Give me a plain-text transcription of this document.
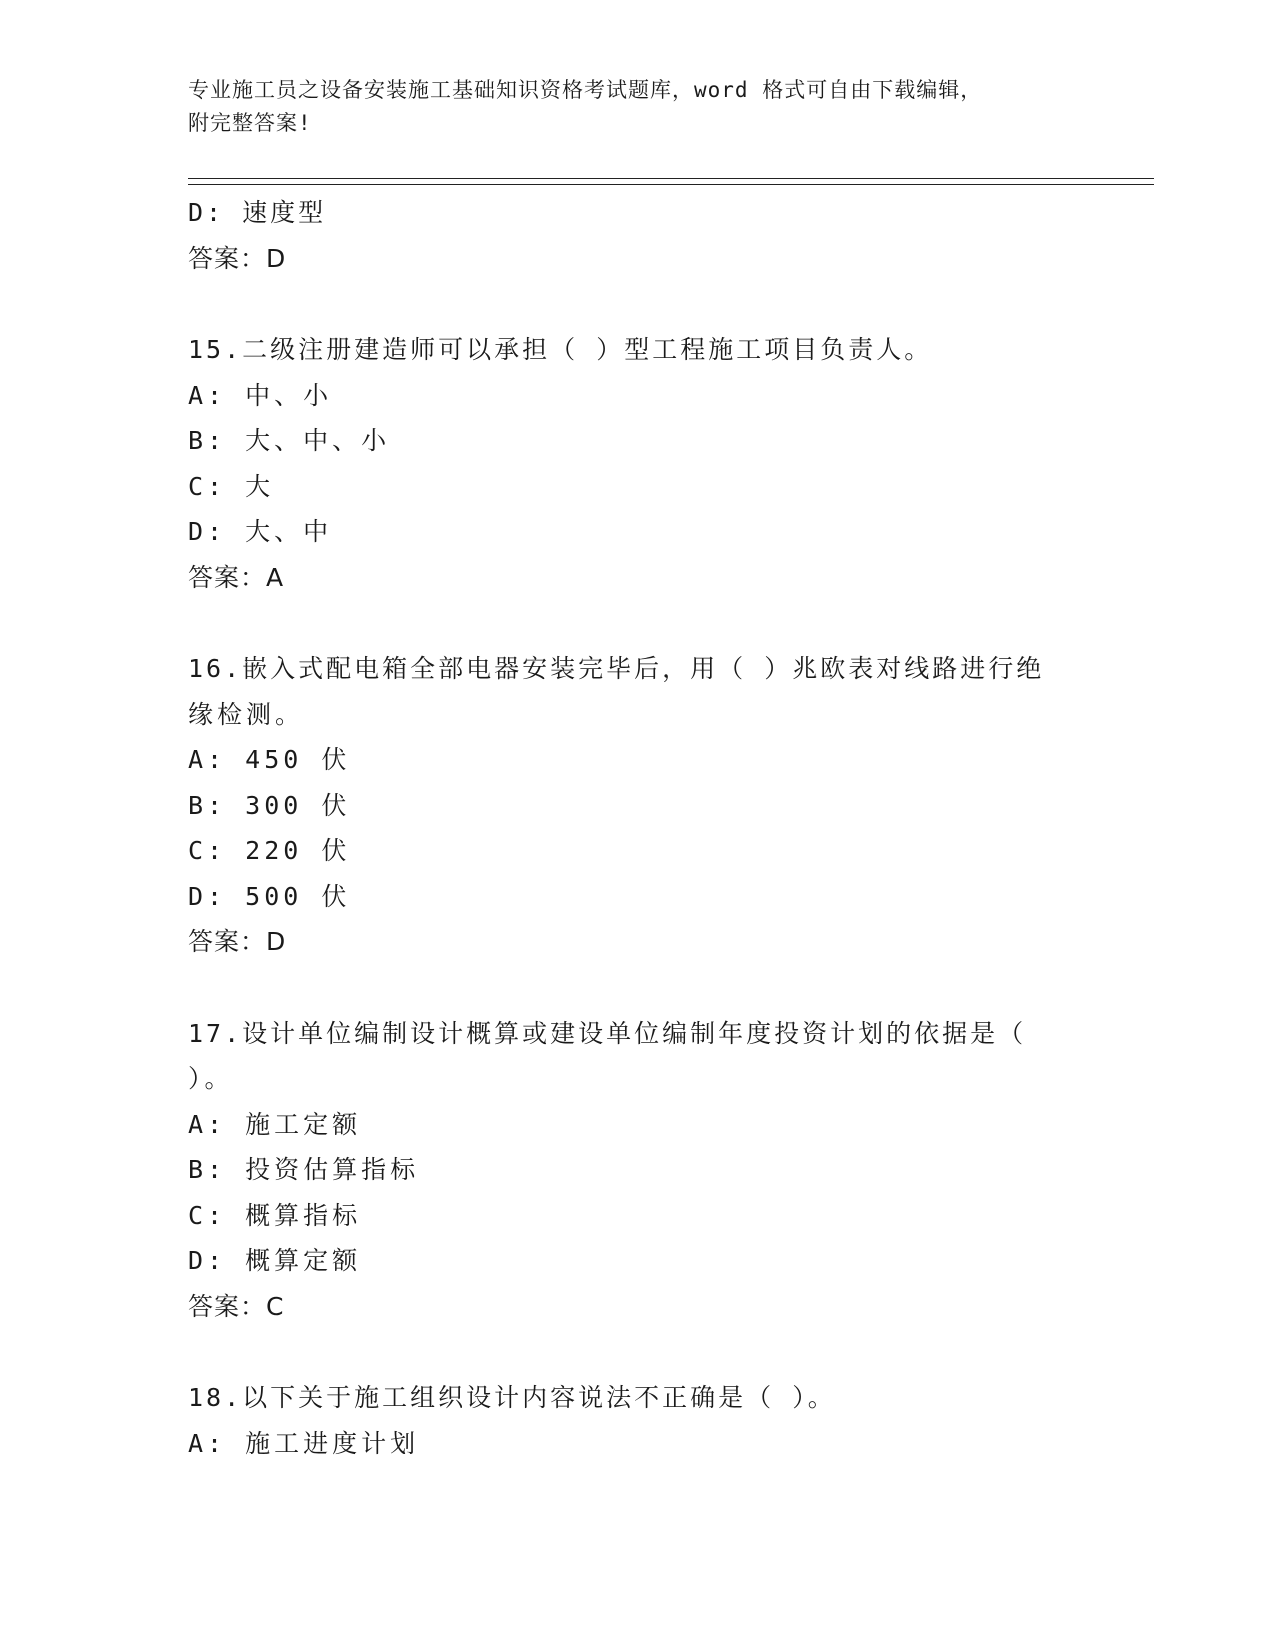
专业施工员之设备安装施工基础知识资格考试题库，word 格式可自由下载编辑，
附完整答案!
D: 速度型
答案：D
15.二级注册建造师可以承担（ ）型工程施工项目负责人。
A: 中、小
B: 大、中、小
C: 大
D: 大、中
答案：A
16.嵌入式配电箱全部电器安装完毕后，用（ ）兆欧表对线路进行绝
缘检测。
A: 450 伏
B: 300 伏
C: 220 伏
D: 500 伏
答案：D
17.设计单位编制设计概算或建设单位编制年度投资计划的依据是（
）。
A: 施工定额
B: 投资估算指标
C: 概算指标
D: 概算定额
答案：C
18.以下关于施工组织设计内容说法不正确是（ ）。
A: 施工进度计划
